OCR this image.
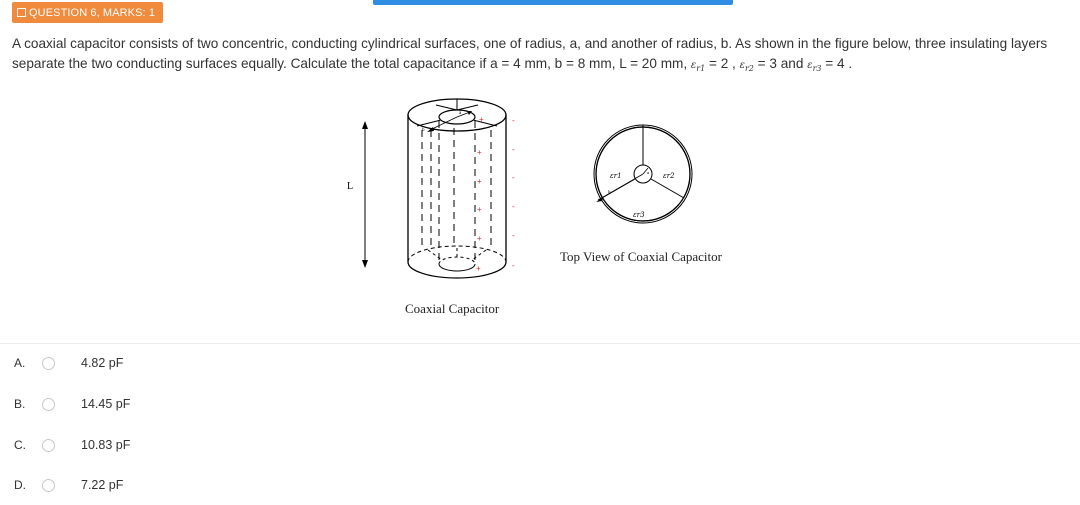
QUESTION 6, MARKS: 1
A coaxial capacitor consists of two concentric, conducting cylindrical surfaces, one of radius, a, and another of radius, b. As shown in the figure below, three insulating layers separate the two conducting surfaces equally. Calculate the total capacitance if a = 4 mm, b = 8 mm, L = 20 mm, $\varepsilon_{r1} = 2$ , $\varepsilon_{r2} = 3$ and $\varepsilon_{r3} = 4$ .
L
a
b
+
+
+
+
+
+
-
-
-
-
-
-
εr1	εr2
εr3
b
a
Coaxial Capacitor
Top View of Coaxial Capacitor
A.	4.82 pF
B.	14.45 pF
C.	10.83 pF
D.	7.22 pF
